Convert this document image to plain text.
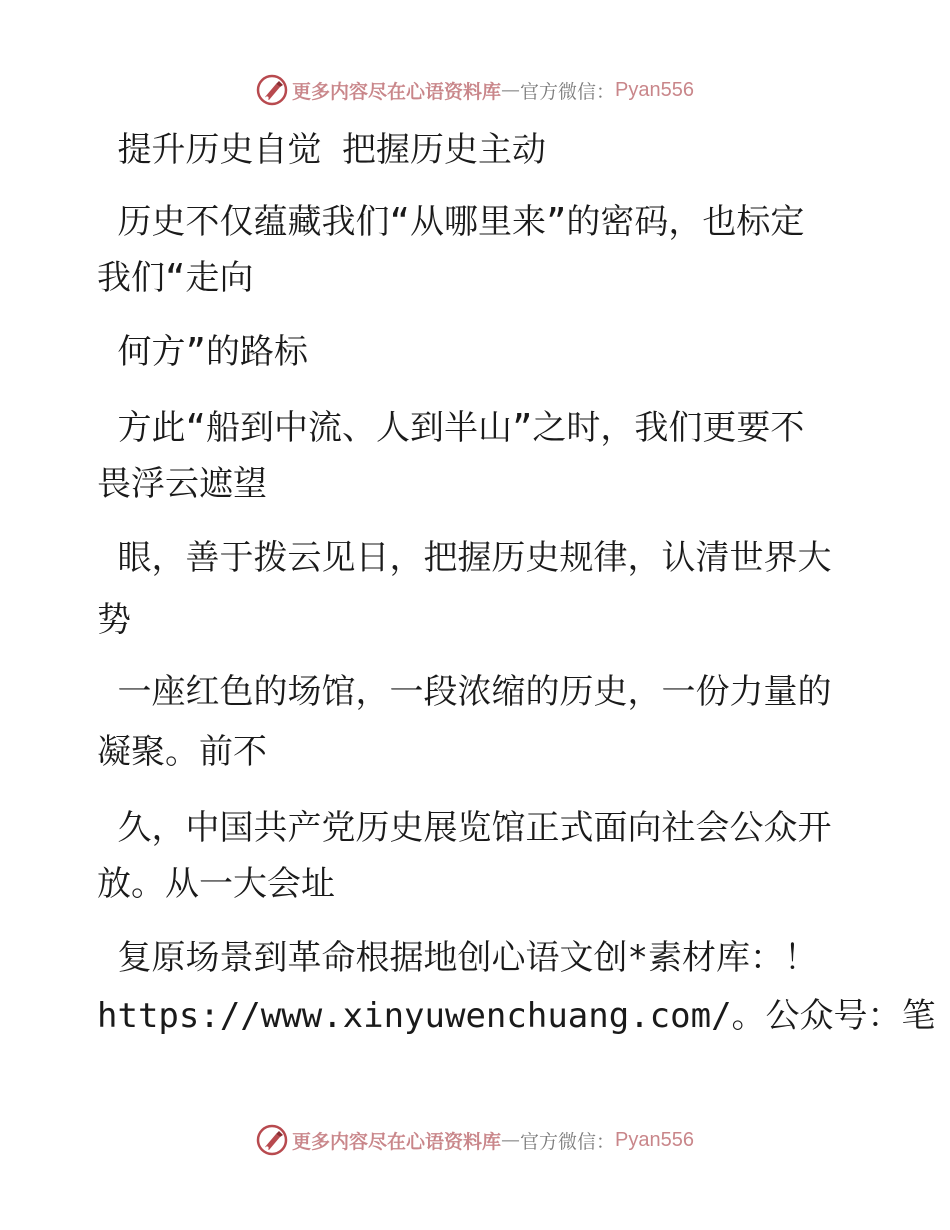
更多内容尽在心语资料库 — 官方微信： Pyan556
提升历史自觉 把握历史主动
历史不仅蕴藏我们“从哪里来”的密码，也标定
我们“走向
何方”的路标
方此“船到中流、人到半山”之时，我们更要不
畏浮云遮望
眼，善于拨云见日，把握历史规律，认清世界大
势
一座红色的场馆，一段浓缩的历史，一份力量的
凝聚。前不
久，中国共产党历史展览馆正式面向社会公众开
放。从一大会址
复原场景到革命根据地创心语文创*素材库：！
https://www.xinyuwenchuang.com/。公众号：笔
更多内容尽在心语资料库 — 官方微信： Pyan556
